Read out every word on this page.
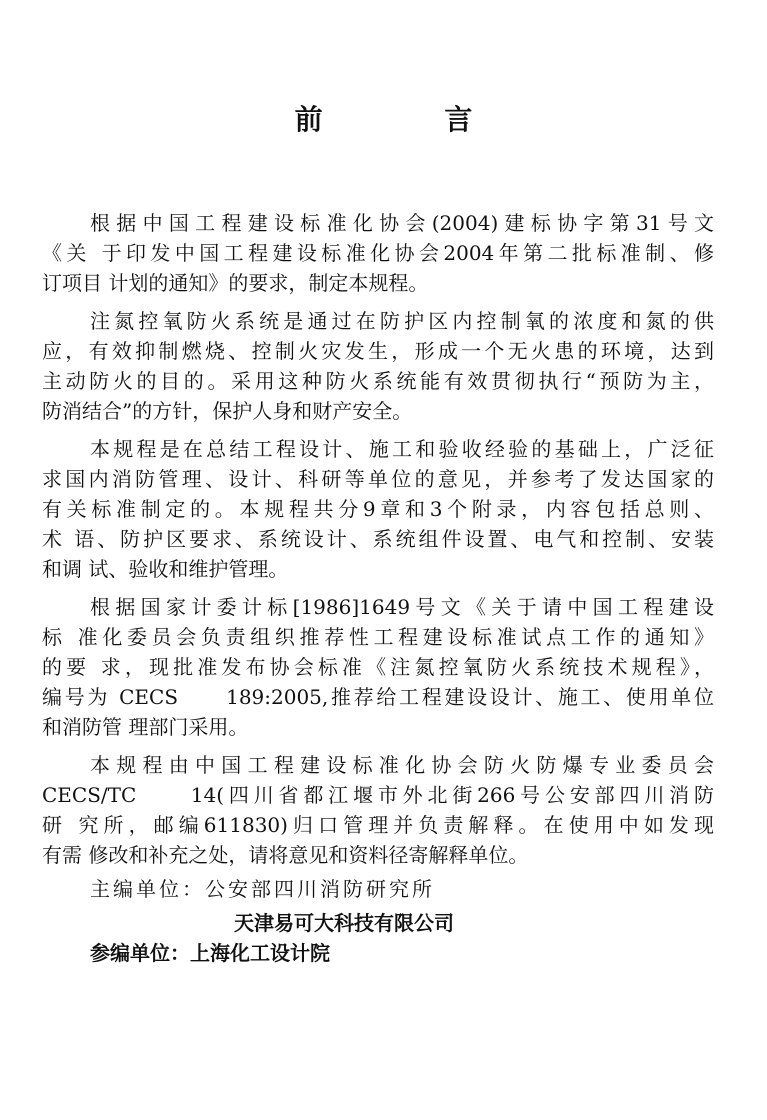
前 言
根据中国工程建设标准化协会(2004)建标协字第31号文
《关 于印发中国工程建设标准化协会2004年第二批标准制、修
订项目 计划的通知》的要求，制定本规程。
注氮控氧防火系统是通过在防护区内控制氧的浓度和氮的供
应，有效抑制燃烧、控制火灾发生，形成一个无火患的环境，达到
主动防火的目的。采用这种防火系统能有效贯彻执行“预防为主，
防消结合”的方针，保护人身和财产安全。
本规程是在总结工程设计、施工和验收经验的基础上，广泛征
求国内消防管理、设计、科研等单位的意见，并参考了发达国家的
有关标准制定的。本规程共分9章和3个附录，内容包括总则、
术 语、防护区要求、系统设计、系统组件设置、电气和控制、安装
和调 试、验收和维护管理。
根据国家计委计标[1986]1649号文《关于请中国工程建设
标 准化委员会负责组织推荐性工程建设标准试点工作的通知》
的要 求，现批准发布协会标准《注氮控氧防火系统技术规程》，
编号为 CECS　　189:2005,推荐给工程建设设计、施工、使用单位
和消防管 理部门采用。
本规程由中国工程建设标准化协会防火防爆专业委员会
CECS/TC　　14(四川省都江堰市外北街266号公安部四川消防
研 究所，邮编611830)归口管理并负责解释。在使用中如发现
有需 修改和补充之处，请将意见和资料径寄解释单位。
主编单位：公安部四川消防研究所
天津易可大科技有限公司
参编单位：上海化工设计院
